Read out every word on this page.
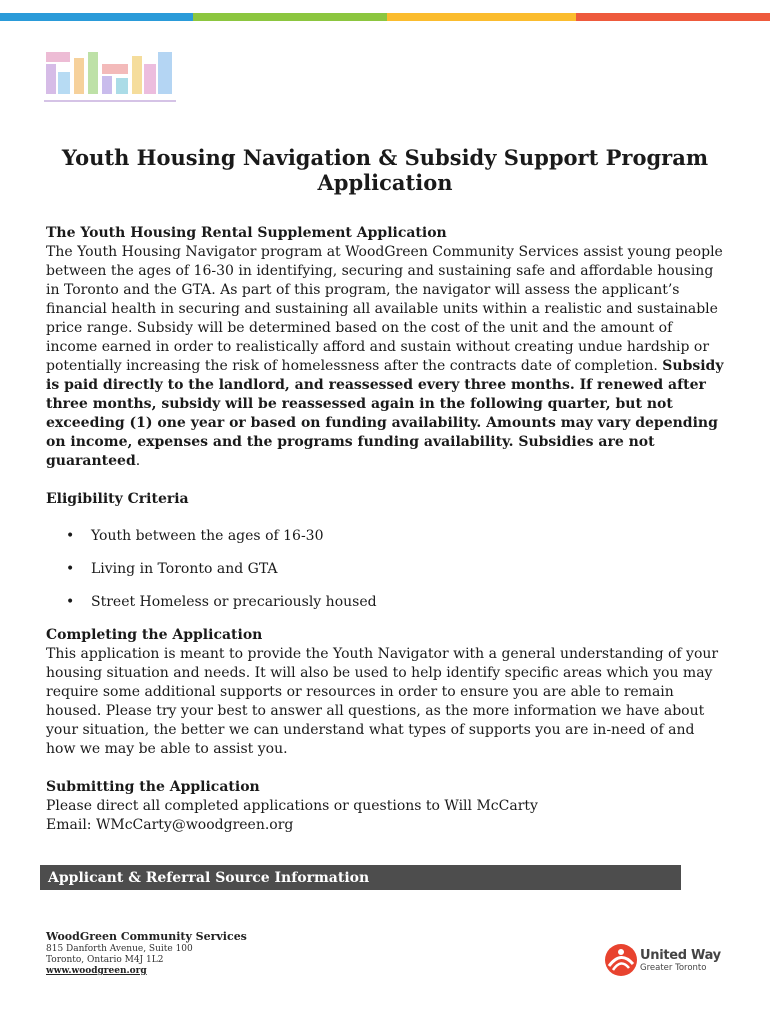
Youth Housing Navigation & Subsidy Support Program Application
The Youth Housing Rental Supplement Application

The Youth Housing Navigator program at WoodGreen Community Services assist young people between the ages of 16-30 in identifying, securing and sustaining safe and affordable housing in Toronto and the GTA. As part of this program, the navigator will assess the applicant’s financial health in securing and sustaining all available units within a realistic and sustainable price range. Subsidy will be determined based on the cost of the unit and the amount of income earned in order to realistically afford and sustain without creating undue hardship or potentially increasing the risk of homelessness after the contracts date of completion. Subsidy is paid directly to the landlord, and reassessed every three months. If renewed after three months, subsidy will be reassessed again in the following quarter, but not exceeding (1) one year or based on funding availability. Amounts may vary depending on income, expenses and the programs funding availability. Subsidies are not guaranteed.

Eligibility Criteria
• Youth between the ages of 16-30
• Living in Toronto and GTA
• Street Homeless or precariously housed
Completing the Application

This application is meant to provide the Youth Navigator with a general understanding of your housing situation and needs. It will also be used to help identify specific areas which you may require some additional supports or resources in order to ensure you are able to remain housed. Please try your best to answer all questions, as the more information we have about your situation, the better we can understand what types of supports you are in-need of and how we may be able to assist you.

Submitting the Application

Please direct all completed applications or questions to Will McCarty

Email: WMcCarty@woodgreen.org

Applicant & Referral Source Information
WoodGreen Community Services
815 Danforth Avenue, Suite 100
Toronto, Ontario M4J 1L2
www.woodgreen.org
United Way
Greater Toronto
